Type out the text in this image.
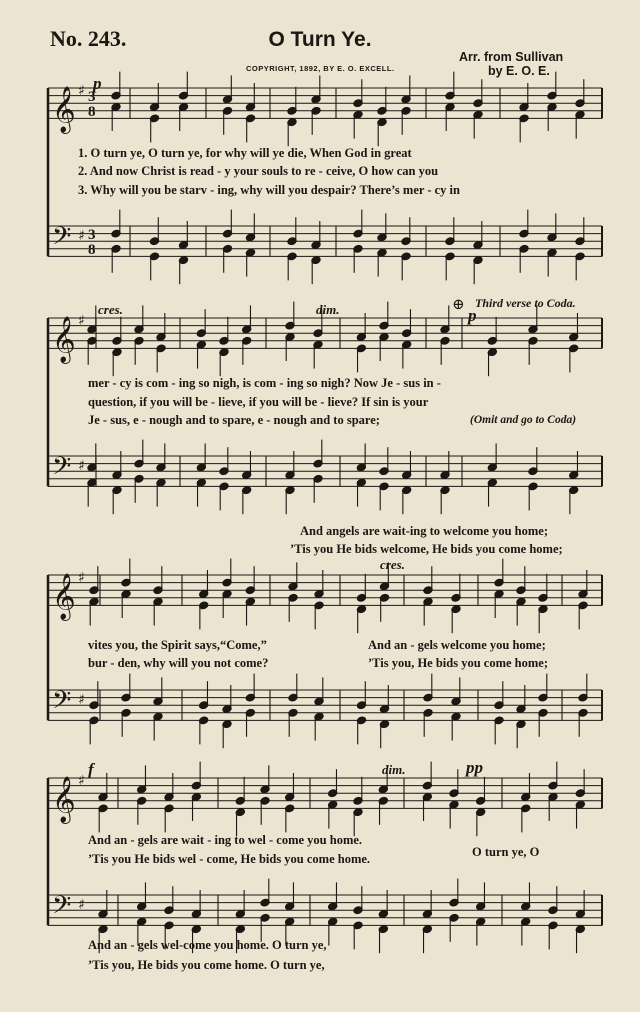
No. 243.	O Turn Ye.
Arr. from Sullivan
by E. O. E.
COPYRIGHT, 1892, BY E. O. EXCELL.
p
cres.	dim.	p
cres.
f	dim.	pp
⊕ Third verse to Coda.
1. O turn ye, O turn ye, for why will ye die, When God in great
2. And now Christ is read - y your souls to re - ceive, O how can you
3. Why will you be starv - ing, why will you despair? There’s mer - cy in
mer - cy is com - ing so nigh, is com - ing so nigh? Now Je - sus in -
question, if you will be - lieve, if you will be - lieve? If sin is your
Je - sus, e - nough and to spare, e - nough and to spare;	(Omit and go to Coda)
And angels are wait-ing to welcome you home;
’Tis you He bids welcome, He bids you come home;
vites you, the Spirit says,“Come,”
bur - den, why will you not come?
And an - gels welcome you home;
’Tis you, He bids you come home;
And an - gels are wait - ing to wel - come you home.
’Tis you He bids wel - come, He bids you come home.	O turn ye, O
And an - gels wel-come you home. O turn ye,
’Tis you, He bids you come home. O turn ye,
𝄞
𝄢
♯
♯
3
3
8
8
𝄞
𝄢
♯
♯
𝄞
𝄢
♯
♯
𝄞
𝄢
♯
♯
